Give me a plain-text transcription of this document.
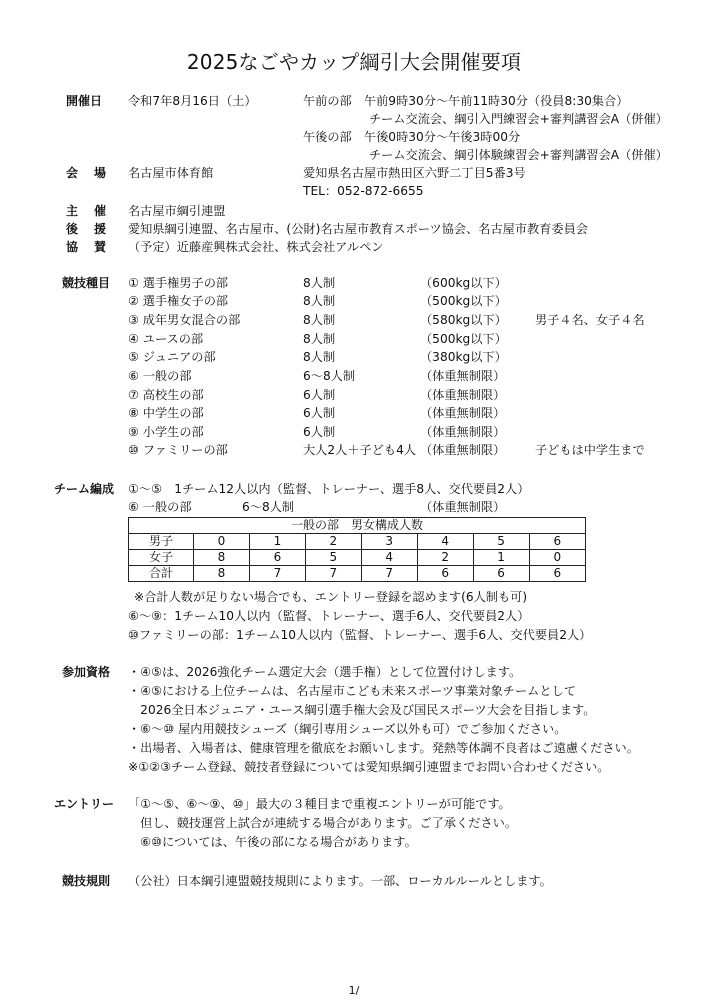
2025なごやカップ綱引大会開催要項
開催日 令和7年8月16日（土）	午前の部　午前9時30分～午前11時30分（役員8:30集合）
チーム交流会、綱引入門練習会+審判講習会A（併催）
午後の部　午後0時30分～午後3時00分
チーム交流会、綱引体験練習会+審判講習会A（併催）
会場 名古屋市体育館	愛知県名古屋市熱田区六野二丁目5番3号
TEL：052-872-6655
主催 名古屋市綱引連盟
後援 愛知県綱引連盟、名古屋市、(公財)名古屋市教育スポーツ協会、名古屋市教育委員会
協賛 （予定）近藤産興株式会社、株式会社アルペン
競技種目 ① 選手権男子の部	8人制	（600kg以下）
② 選手権女子の部	8人制	（500kg以下）
③ 成年男女混合の部	8人制	（580kg以下） 男子４名、女子４名
④ ユースの部	8人制	（500kg以下）
⑤ ジュニアの部	8人制	（380kg以下）
⑥ 一般の部	6～8人制	（体重無制限）
⑦ 高校生の部	6人制	（体重無制限）
⑧ 中学生の部	6人制	（体重無制限）
⑨ 小学生の部	6人制	（体重無制限）
⑩ ファミリーの部	大人2人＋子ども4人 （体重無制限） 子どもは中学生まで
チーム編成 ①～⑤　1チーム12人以内（監督、トレーナー、選手8人、交代要員2人）
⑥ 一般の部	6～8人制	（体重無制限）
一般の部　男女構成人数							
男子	0	1	2	3	4	5	6
女子	8	6	5	4	2	1	0
合計	8	7	7	7	6	6	6
※合計人数が足りない場合でも、エントリー登録を認めます(6人制も可)
⑥～⑨：1チーム10人以内（監督、トレーナー、選手6人、交代要員2人）
⑩ファミリーの部：1チーム10人以内（監督、トレーナー、選手6人、交代要員2人）
参加資格 ・④⑤は、2026強化チーム選定大会（選手権）として位置付けします。
・④⑤における上位チームは、名古屋市こども未来スポーツ事業対象チームとして
　2026全日本ジュニア・ユース綱引選手権大会及び国民スポーツ大会を目指します。
・⑥～⑩ 屋内用競技シューズ（綱引専用シューズ以外も可）でご参加ください。
・出場者、入場者は、健康管理を徹底をお願いします。発熱等体調不良者はご遠慮ください。
※①②③チーム登録、競技者登録については愛知県綱引連盟までお問い合わせください。
エントリー 「①～⑤、⑥～⑨、⑩」最大の３種目まで重複エントリーが可能です。
　但し、競技運営上試合が連続する場合があります。ご了承ください。
　⑥⑩については、午後の部になる場合があります。
競技規則 （公社）日本綱引連盟競技規則によります。一部、ローカルルールとします。
1/
